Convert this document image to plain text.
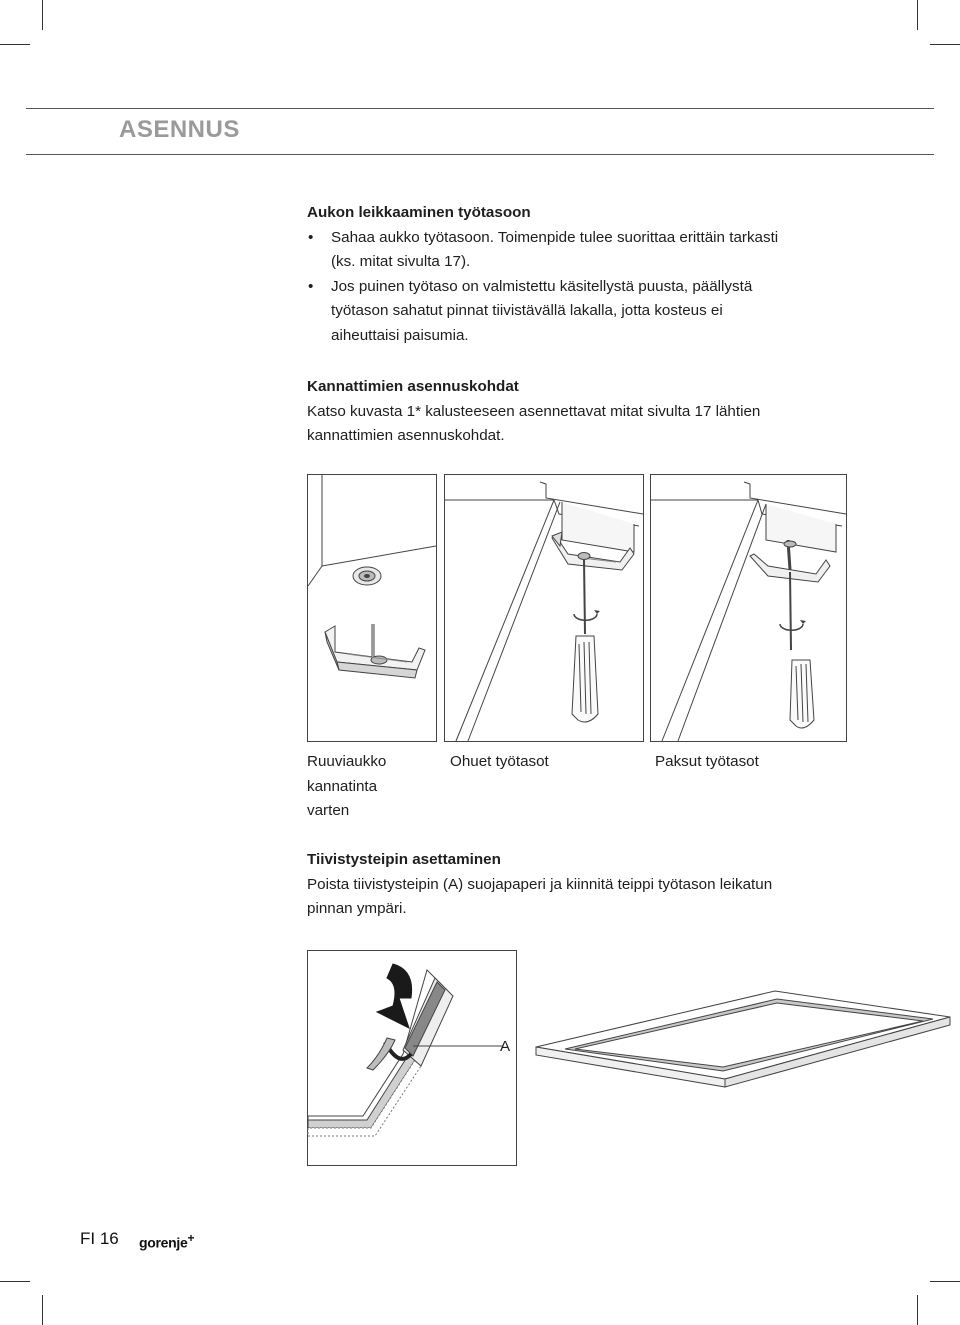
ASENNUS
Aukon leikkaaminen työtasoon
• Sahaa aukko työtasoon. Toimenpide tulee suorittaa erittäin tarkasti
(ks. mitat sivulta 17).
• Jos puinen työtaso on valmistettu käsitellystä puusta, päällystä
työtason sahatut pinnat tiivistävällä lakalla, jotta kosteus ei
aiheuttaisi paisumia.
Kannattimien asennuskohdat
Katso kuvasta 1* kalusteeseen asennettavat mitat sivulta 17 lähtien
kannattimien asennuskohdat.
Ruuviaukko
kannatinta
varten
Ohuet työtasot	Paksut työtasot
Tiivistysteipin asettaminen
Poista tiivistysteipin (A) suojapaperi ja kiinnitä teippi työtason leikatun
pinnan ympäri.
A
FI 16 gorenje+
